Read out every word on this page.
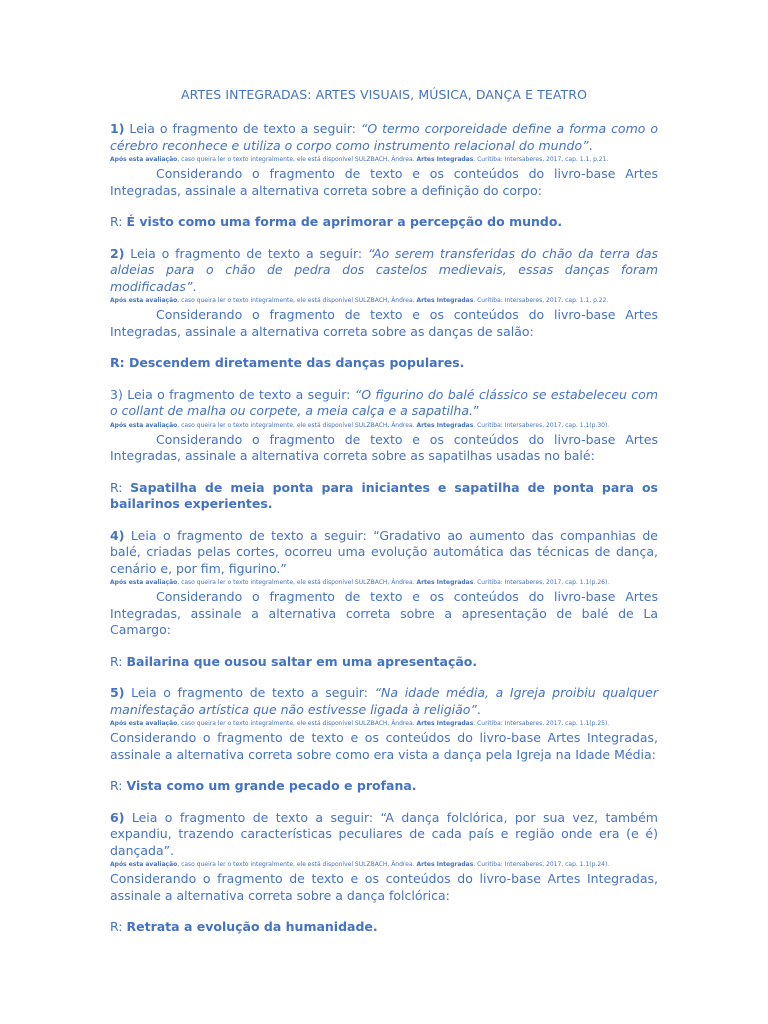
ARTES INTEGRADAS: ARTES VISUAIS, MÚSICA, DANÇA E TEATRO

1) Leia o fragmento de texto a seguir: “O termo corporeidade define a forma como o cérebro reconhece e utiliza o corpo como instrumento relacional do mundo”.

Após esta avaliação, caso queira ler o texto integralmente, ele está disponível SULZBACH, Ândrea. Artes Integradas. Curitiba: Intersaberes, 2017, cap. 1.1, p.21.

Considerando o fragmento de texto e os conteúdos do livro-base Artes Integradas, assinale a alternativa correta sobre a definição do corpo:

R: É visto como uma forma de aprimorar a percepção do mundo.

2) Leia o fragmento de texto a seguir: “Ao serem transferidas do chão da terra das aldeias para o chão de pedra dos castelos medievais, essas danças foram modificadas”.

Após esta avaliação, caso queira ler o texto integralmente, ele está disponível SULZBACH, Ândrea. Artes Integradas. Curitiba: Intersaberes, 2017, cap. 1.1, p.22.

Considerando o fragmento de texto e os conteúdos do livro-base Artes Integradas, assinale a alternativa correta sobre as danças de salão:

R: Descendem diretamente das danças populares.

3) Leia o fragmento de texto a seguir: “O figurino do balé clássico se estabeleceu com o collant de malha ou corpete, a meia calça e a sapatilha.”

Após esta avaliação, caso queira ler o texto integralmente, ele está disponível SULZBACH, Ândrea. Artes Integradas. Curitiba: Intersaberes, 2017, cap. 1.1(p.30).

Considerando o fragmento de texto e os conteúdos do livro-base Artes Integradas, assinale a alternativa correta sobre as sapatilhas usadas no balé:

R: Sapatilha de meia ponta para iniciantes e sapatilha de ponta para os bailarinos experientes.

4) Leia o fragmento de texto a seguir: “Gradativo ao aumento das companhias de balé, criadas pelas cortes, ocorreu uma evolução automática das técnicas de dança, cenário e, por fim, figurino.”

Após esta avaliação, caso queira ler o texto integralmente, ele está disponível SULZBACH, Ândrea. Artes Integradas. Curitiba: Intersaberes, 2017, cap. 1.1(p.26).

Considerando o fragmento de texto e os conteúdos do livro-base Artes Integradas, assinale a alternativa correta sobre a apresentação de balé de La Camargo:

R: Bailarina que ousou saltar em uma apresentação.

5) Leia o fragmento de texto a seguir: “Na idade média, a Igreja proibiu qualquer manifestação artística que não estivesse ligada à religião”.

Após esta avaliação, caso queira ler o texto integralmente, ele está disponível SULZBACH, Ândrea. Artes Integradas. Curitiba: Intersaberes, 2017, cap. 1.1(p.25).

Considerando o fragmento de texto e os conteúdos do livro-base Artes Integradas, assinale a alternativa correta sobre como era vista a dança pela Igreja na Idade Média:

R: Vista como um grande pecado e profana.

6) Leia o fragmento de texto a seguir: “A dança folclórica, por sua vez, também expandiu, trazendo características peculiares de cada país e região onde era (e é) dançada”.

Após esta avaliação, caso queira ler o texto integralmente, ele está disponível SULZBACH, Ândrea. Artes Integradas. Curitiba: Intersaberes, 2017, cap. 1.1(p.24).

Considerando o fragmento de texto e os conteúdos do livro-base Artes Integradas, assinale a alternativa correta sobre a dança folclórica:

R: Retrata a evolução da humanidade.
